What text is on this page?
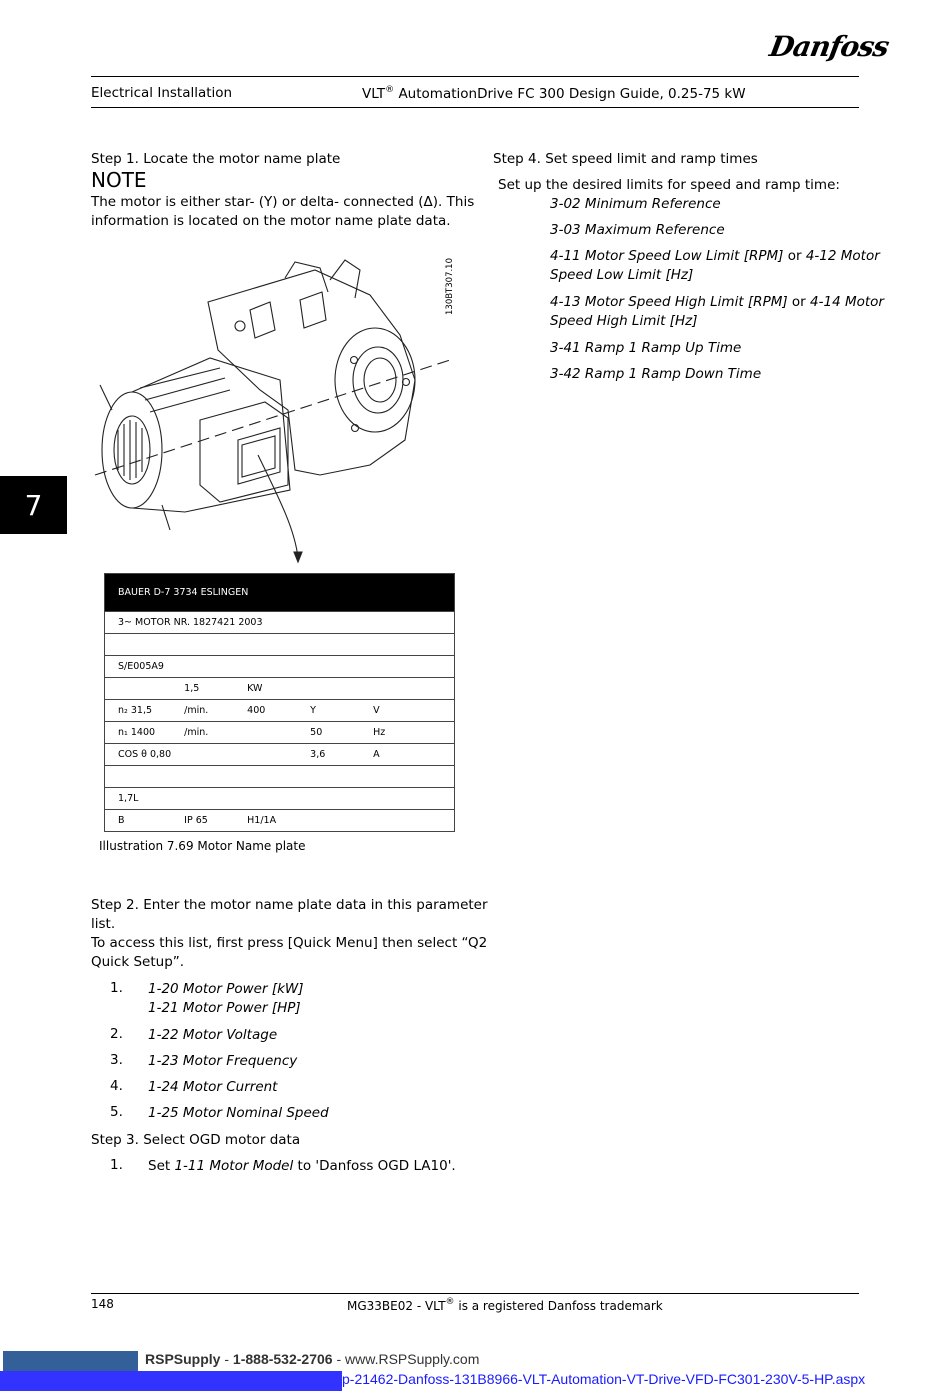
Danfoss
Electrical Installation	VLT® AutomationDrive FC 300 Design Guide, 0.25-75 kW
7
Step 1. Locate the motor name plate
NOTE
The motor is either star- (Y) or delta- connected (Δ). This
information is located on the motor name plate data.
130BT307.10
BAUER D-7 3734 ESLINGEN				
3~ MOTOR NR. 1827421 2003				

S/E005A9				
	1,5	KW		
n₂ 31,5	/min.	400	Y	V
n₁ 1400	/min.		50	Hz
COS θ 0,80			3,6	A

1,7L				
B	IP 65	H1/1A		
Illustration 7.69 Motor Name plate
Step 2. Enter the motor name plate data in this parameter
list.
To access this list, first press [Quick Menu] then select “Q2
Quick Setup”.
1. 1-20 Motor Power [kW]
1-21 Motor Power [HP]
2. 1-22 Motor Voltage
3. 1-23 Motor Frequency
4. 1-24 Motor Current
5. 1-25 Motor Nominal Speed
Step 3. Select OGD motor data
1. Set 1-11 Motor Model to 'Danfoss OGD LA10'.
Step 4. Set speed limit and ramp times
Set up the desired limits for speed and ramp time:
3-02 Minimum Reference
3-03 Maximum Reference
4-11 Motor Speed Low Limit [RPM] or 4-12 Motor
Speed Low Limit [Hz]
4-13 Motor Speed High Limit [RPM] or 4-14 Motor
Speed High Limit [Hz]
3-41 Ramp 1 Ramp Up Time
3-42 Ramp 1 Ramp Down Time
148	MG33BE02 - VLT® is a registered Danfoss trademark
RSPSupply - 1-888-532-2706 - www.RSPSupply.com
p-21462-Danfoss-131B8966-VLT-Automation-VT-Drive-VFD-FC301-230V-5-HP.aspx
